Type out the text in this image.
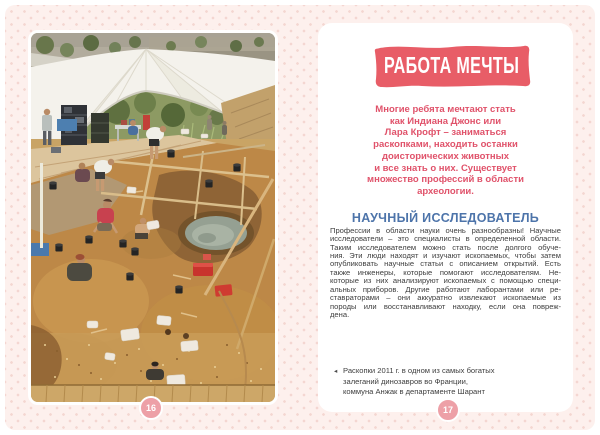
РАБОТА МЕЧТЫ
Многие ребята мечтают стать
как Индиана Джонс или
Лара Крофт – заниматься
раскопками, находить останки
доисторических животных
и все знать о них. Существует
множество профессий в области
археологии.
НАУЧНЫЙ ИССЛЕДОВАТЕЛЬ
Профессии в области науки очень разнообразны! Научные
исследователи – это специалисты в определенной области.
Таким исследователем можно стать после долгого обуче-
ния. Эти люди находят и изучают ископаемых, чтобы затем
опубликовать научные статьи с описанием открытий. Есть
также инженеры, которые помогают исследователям. Не-
которые из них анализируют ископаемых с помощью специ-
альных приборов. Другие работают лаборантами или ре-
ставраторами – они аккуратно извлекают ископаемые из
породы или восстанавливают находку, если она повреж-
дена.
◂ Раскопки 2011 г. в одном из самых богатых
залеганий динозавров во Франции,
коммуна Анжак в департаменте Шарант
16	17
